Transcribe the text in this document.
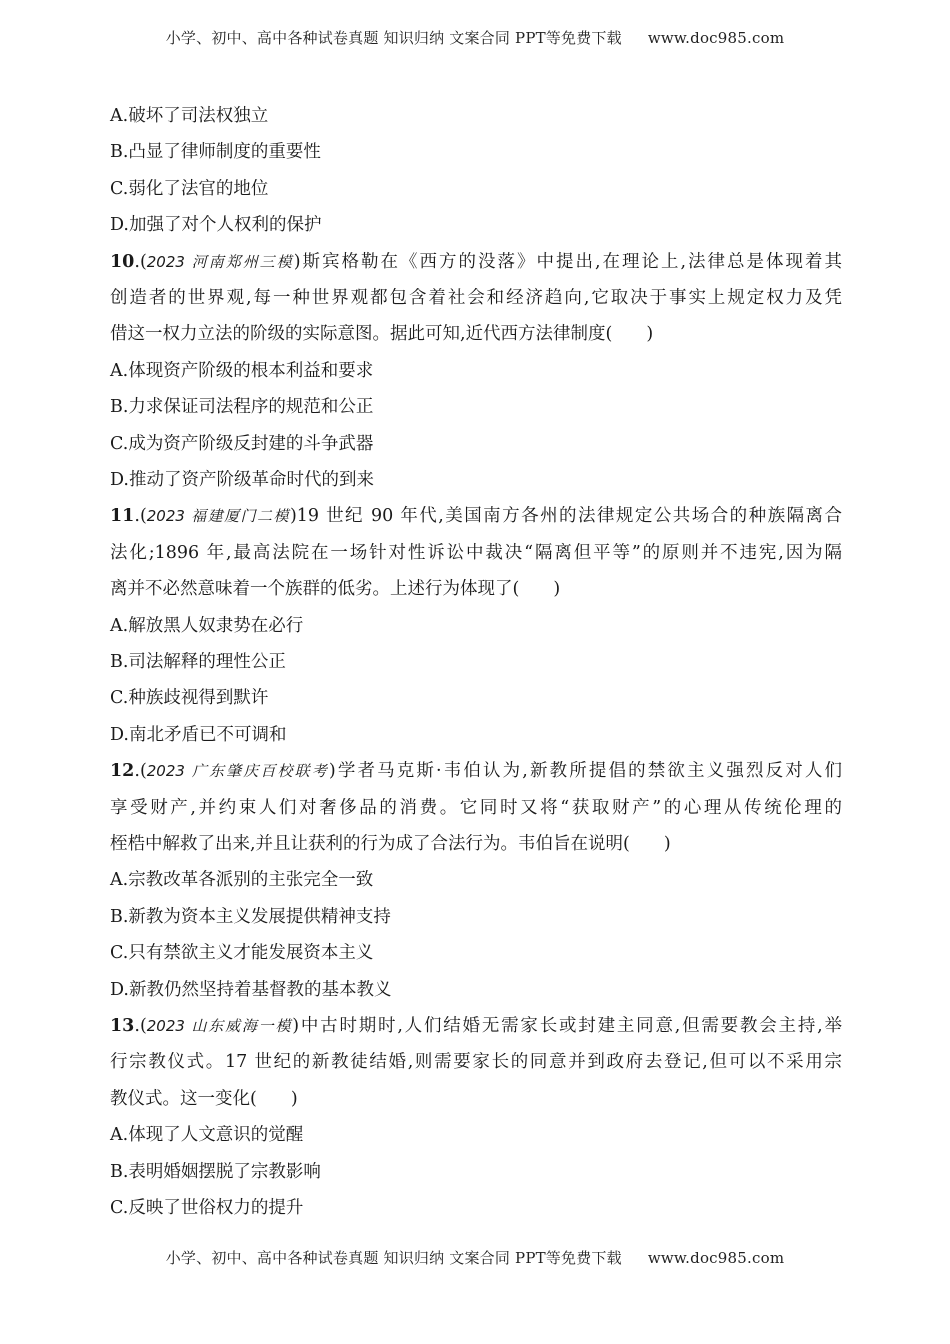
小学、初中、高中各种试卷真题 知识归纳 文案合同 PPT等免费下载 www.doc985.com
A.破坏了司法权独立
B.凸显了律师制度的重要性
C.弱化了法官的地位
D.加强了对个人权利的保护
10.(2023 河南郑州三模)斯宾格勒在《西方的没落》中提出,在理论上,法律总是体现着其
创造者的世界观,每一种世界观都包含着社会和经济趋向,它取决于事实上规定权力及凭
借这一权力立法的阶级的实际意图。据此可知,近代西方法律制度( )
A.体现资产阶级的根本利益和要求
B.力求保证司法程序的规范和公正
C.成为资产阶级反封建的斗争武器
D.推动了资产阶级革命时代的到来
11.(2023 福建厦门二模)19 世纪 90 年代,美国南方各州的法律规定公共场合的种族隔离合
法化;1896 年,最高法院在一场针对性诉讼中裁决“隔离但平等”的原则并不违宪,因为隔
离并不必然意味着一个族群的低劣。上述行为体现了( )
A.解放黑人奴隶势在必行
B.司法解释的理性公正
C.种族歧视得到默许
D.南北矛盾已不可调和
12.(2023 广东肇庆百校联考)学者马克斯·韦伯认为,新教所提倡的禁欲主义强烈反对人们
享受财产,并约束人们对奢侈品的消费。它同时又将“获取财产”的心理从传统伦理的
桎梏中解救了出来,并且让获利的行为成了合法行为。韦伯旨在说明( )
A.宗教改革各派别的主张完全一致
B.新教为资本主义发展提供精神支持
C.只有禁欲主义才能发展资本主义
D.新教仍然坚持着基督教的基本教义
13.(2023 山东威海一模)中古时期时,人们结婚无需家长或封建主同意,但需要教会主持,举
行宗教仪式。17 世纪的新教徒结婚,则需要家长的同意并到政府去登记,但可以不采用宗
教仪式。这一变化( )
A.体现了人文意识的觉醒
B.表明婚姻摆脱了宗教影响
C.反映了世俗权力的提升
小学、初中、高中各种试卷真题 知识归纳 文案合同 PPT等免费下载 www.doc985.com
